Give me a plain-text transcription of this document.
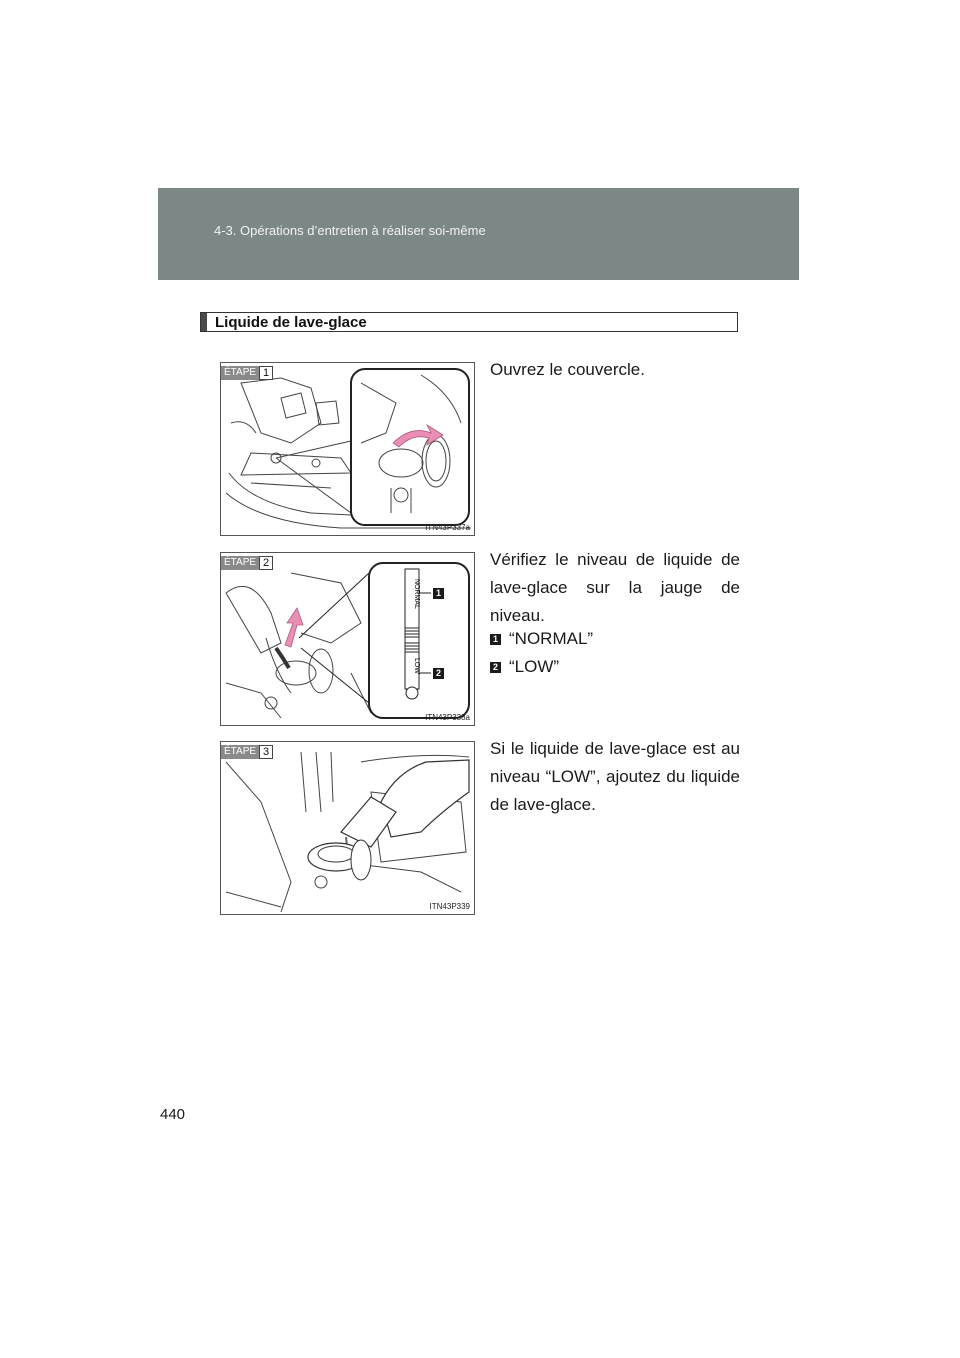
4-3. Opérations d’entretien à réaliser soi-même
Liquide de lave-glace
ÉTAPE 1
ITN43P337a
Ouvrez le couvercle.
NORMAL
LOW
1
2
ÉTAPE 2
ITN43P338a
Vérifiez le niveau de liquide de lave-glace sur la jauge de niveau.
1 “NORMAL”
2 “LOW”
ÉTAPE 3
ITN43P339
Si le liquide de lave-glace est au niveau “LOW”, ajoutez du liquide de lave-glace.
440
